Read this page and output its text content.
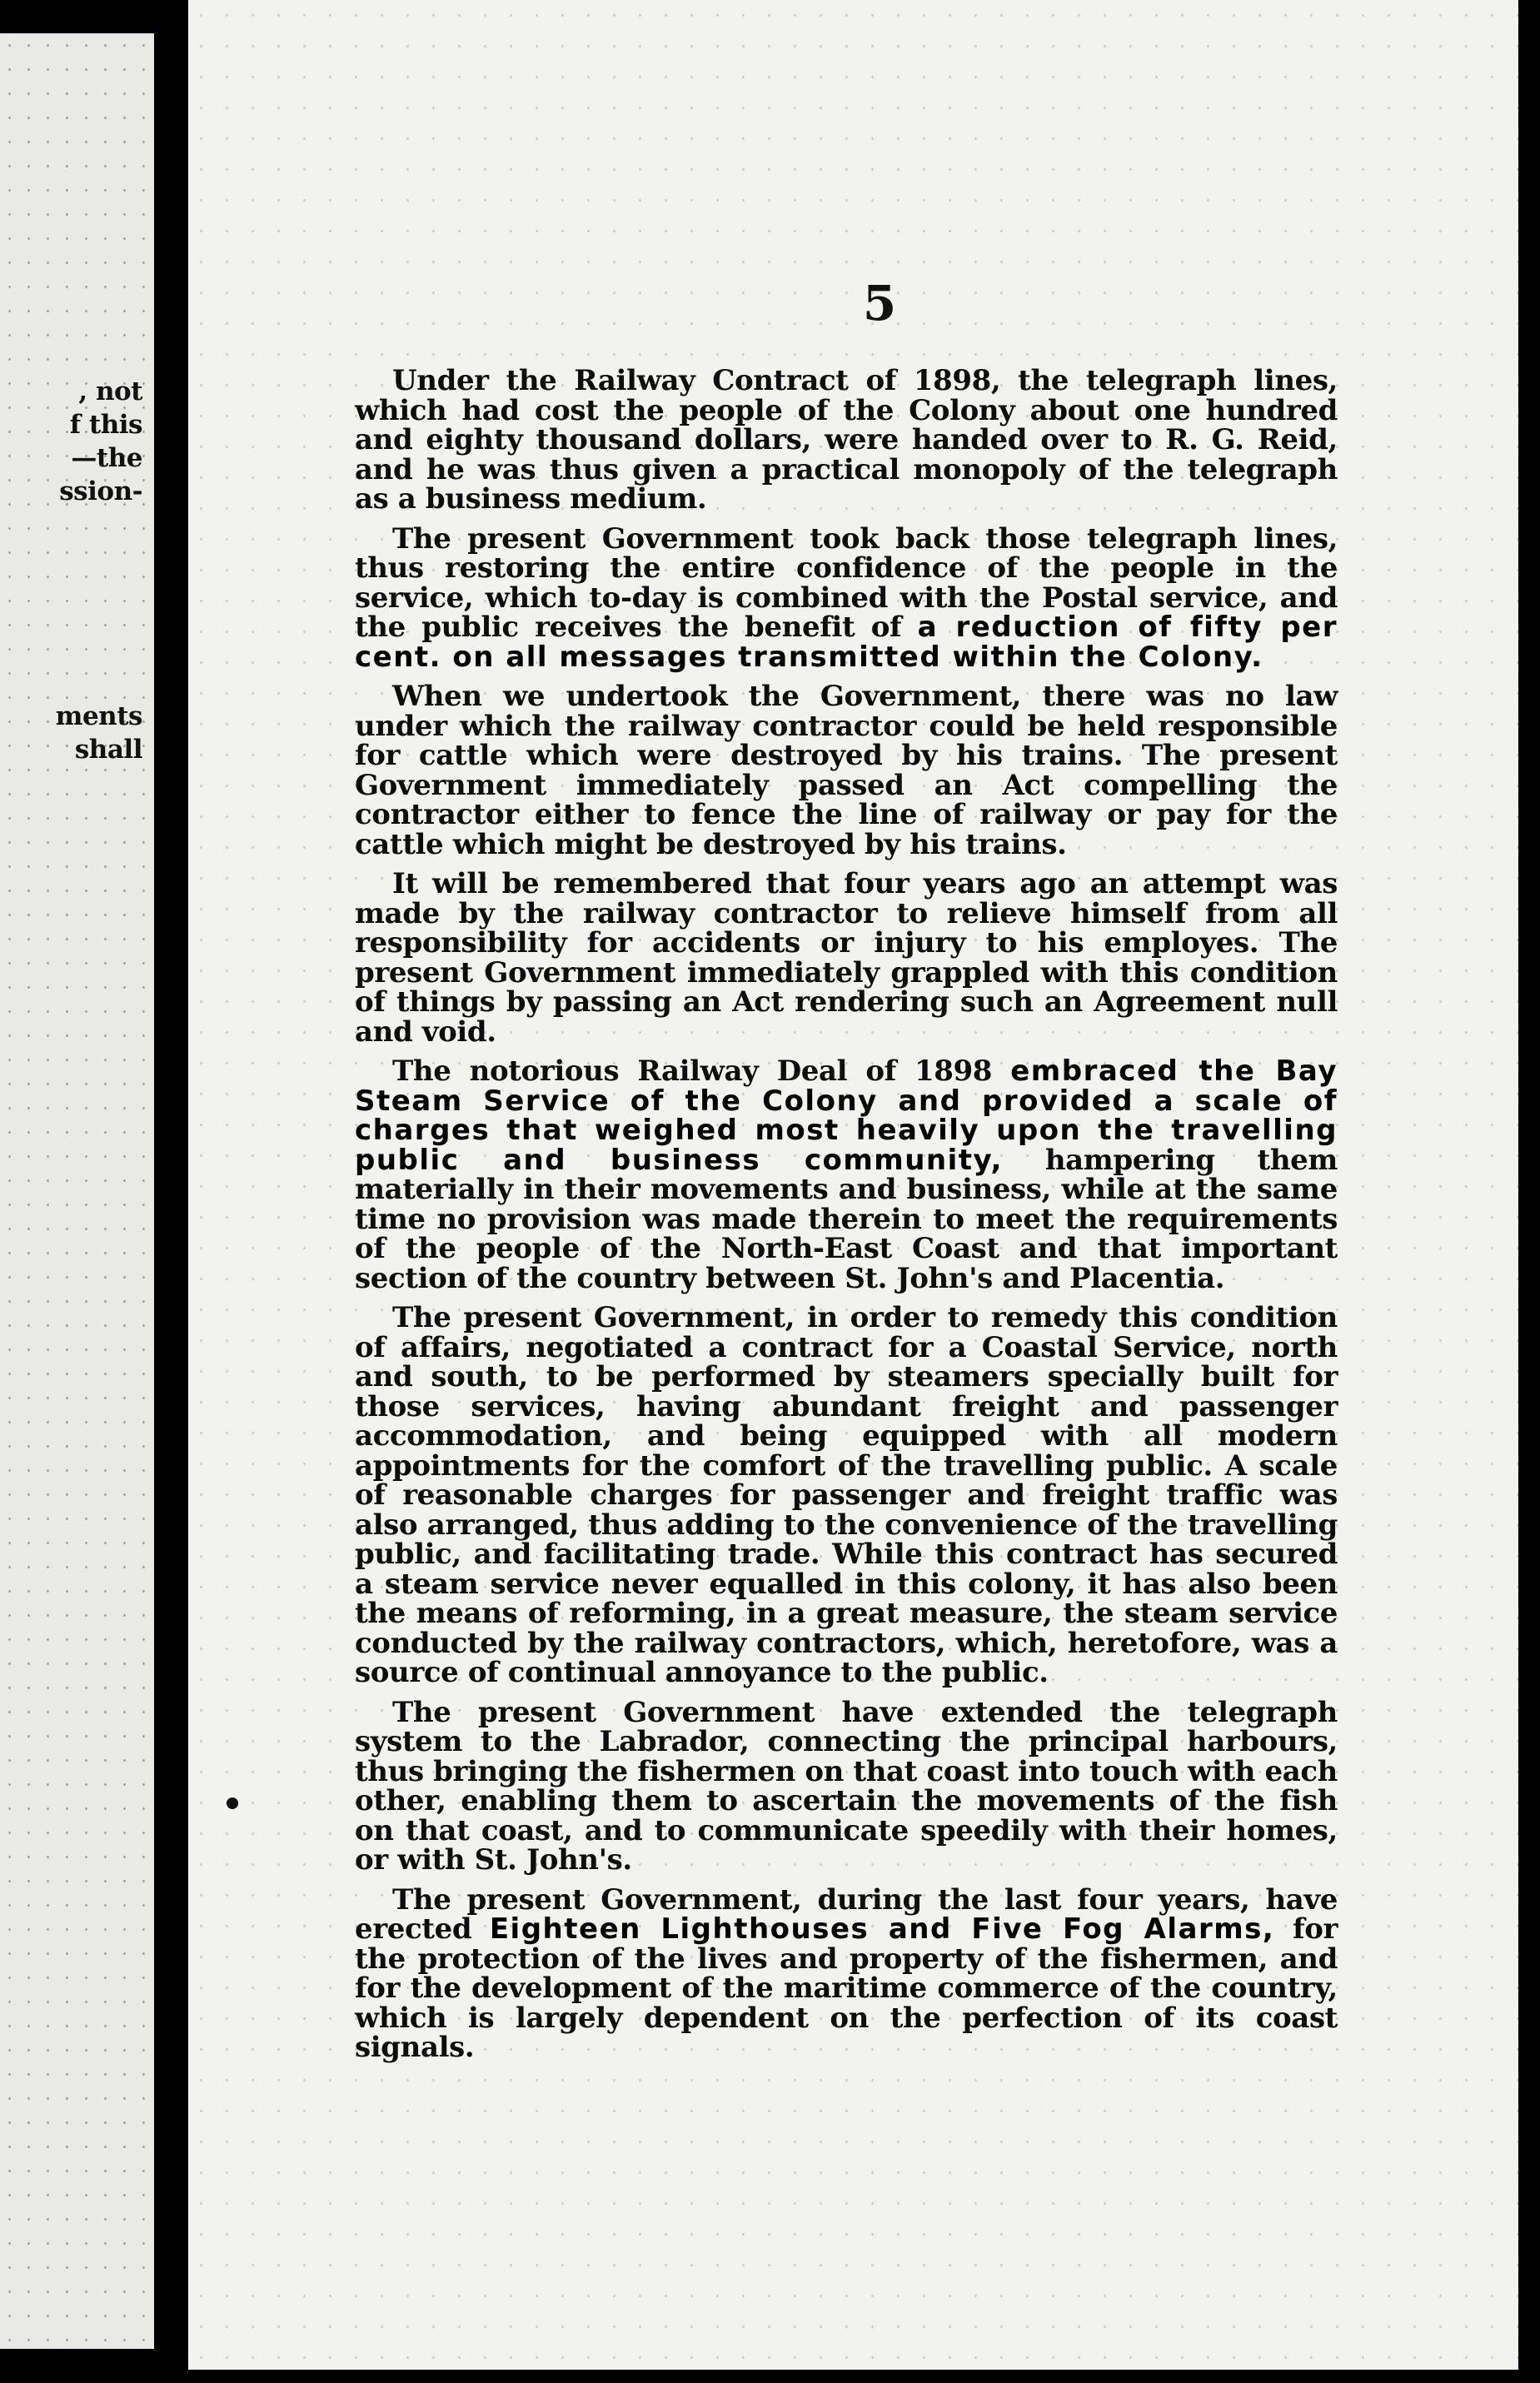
, not
f this
—the
ssion-
ments
shall
5

Under the Railway Contract of 1898, the telegraph lines, which had cost the people of the Colony about one hundred and eighty thousand dollars, were handed over to R. G. Reid, and he was thus given a practical monopoly of the telegraph as a business medium.

The present Government took back those telegraph lines, thus restoring the entire confidence of the people in the service, which to-day is combined with the Postal service, and the public receives the benefit of a reduction of fifty per cent. on all messages transmitted within the Colony.

When we undertook the Government, there was no law under which the railway contractor could be held responsible for cattle which were destroyed by his trains. The present Government immediately passed an Act compelling the contractor either to fence the line of railway or pay for the cattle which might be destroyed by his trains.

It will be remembered that four years ago an attempt was made by the railway contractor to relieve himself from all responsibility for accidents or injury to his employes. The present Government immediately grappled with this condition of things by passing an Act rendering such an Agreement null and void.

The notorious Railway Deal of 1898 embraced the Bay Steam Service of the Colony and provided a scale of charges that weighed most heavily upon the travelling public and business community, hampering them materially in their movements and business, while at the same time no provision was made therein to meet the requirements of the people of the North-East Coast and that important section of the country between St. John's and Placentia.

The present Government, in order to remedy this condition of affairs, negotiated a contract for a Coastal Service, north and south, to be performed by steamers specially built for those services, having abundant freight and passenger accommodation, and being equipped with all modern appointments for the comfort of the travelling public. A scale of reasonable charges for passenger and freight traffic was also arranged, thus adding to the convenience of the travelling public, and facilitating trade. While this contract has secured a steam service never equalled in this colony, it has also been the means of reforming, in a great measure, the steam service conducted by the railway contractors, which, heretofore, was a source of continual annoyance to the public.

The present Government have extended the telegraph system to the Labrador, connecting the principal harbours, thus bringing the fishermen on that coast into touch with each other, enabling them to ascertain the movements of the fish on that coast, and to communicate speedily with their homes, or with St. John's.

The present Government, during the last four years, have erected Eighteen Lighthouses and Five Fog Alarms, for the protection of the lives and property of the fishermen, and for the development of the maritime commerce of the country, which is largely dependent on the perfection of its coast signals.
